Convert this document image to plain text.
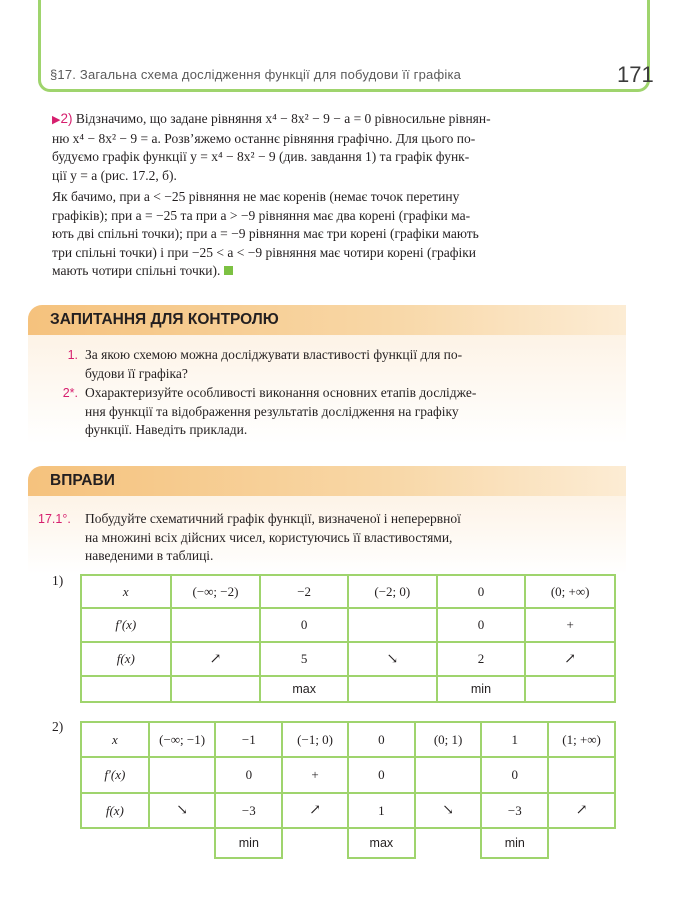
§17. Загальна схема дослідження функції для побудови її графіка	171
▶2) Відзначимо, що задане рівняння x⁴ − 8x² − 9 − a = 0 рівносильне рівнян-
ню x⁴ − 8x² − 9 = a. Розв’яжемо останнє рівняння графічно. Для цього по-
будуємо графік функції y = x⁴ − 8x² − 9 (див. завдання 1) та графік функ-
ції y = a (рис. 17.2, б).
Як бачимо, при a < −25 рівняння не має коренів (немає точок перетину
графіків); при a = −25 та при a > −9 рівняння має два корені (графіки ма-
ють дві спільні точки); при a = −9 рівняння має три корені (графіки мають
три спільні точки) і при −25 < a < −9 рівняння має чотири корені (графіки
мають чотири спільні точки).
ЗАПИТАННЯ ДЛЯ КОНТРОЛЮ
1. За якою схемою можна досліджувати властивості функції для по-
будови її графіка?
2*. Охарактеризуйте особливості виконання основних етапів дослідже-
ння функції та відображення результатів дослідження на графіку
функції. Наведіть приклади.
ВПРАВИ
17.1°.	Побудуйте схематичний графік функції, визначеної і неперервної
на множині всіх дійсних чисел, користуючись її властивостями,
наведеними в таблиці.
1)
x	(−∞; −2)	−2	(−2; 0)	0	(0; +∞)
f′(x)		0		0	+
f(x)	↗	5	↘	2	↗
		max		min	
2)
x	(−∞; −1)	−1	(−1; 0)	0	(0; 1)	1	(1; +∞)
f′(x)		0	+	0		0	
f(x)	↘	−3	↗	1	↘	−3	↗
		min		max		min	
